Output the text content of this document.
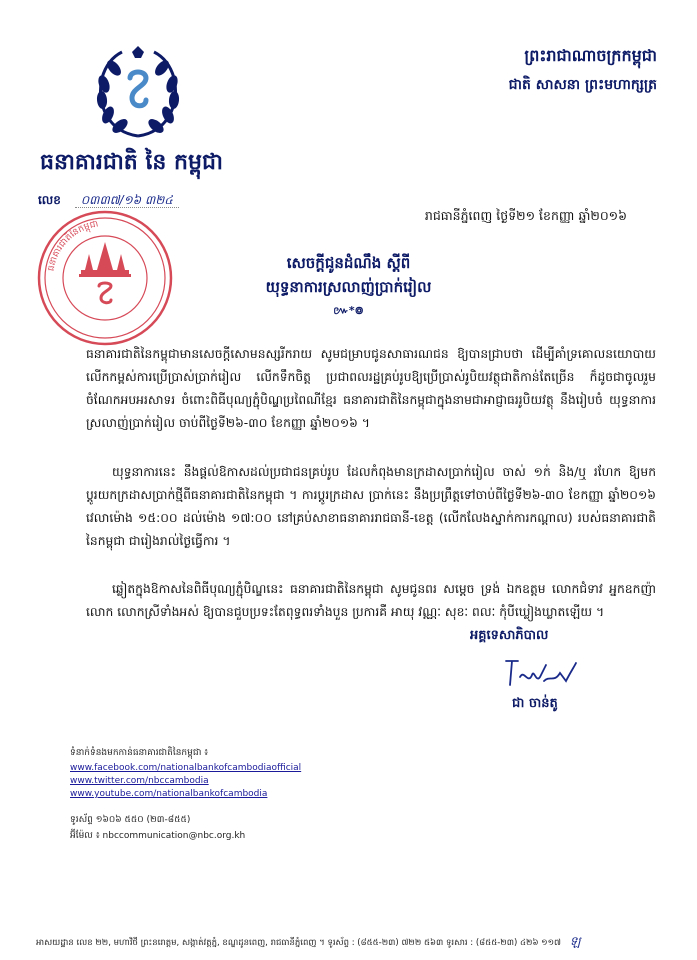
ធនាគារជាតិ នៃ កម្ពុជា
ព្រះរាជាណាចក្រកម្ពុជា
ជាតិ សាសនា ព្រះមហាក្សត្រ
លេខ ០៣៣៧/១៦ ៣២៤
រាជធានីភ្នំពេញ ថ្ងៃទី២១ ខែកញ្ញា ឆ្នាំ២០១៦
ធនាគារជាតិនៃកម្ពុជា
សេចក្តីជូនដំណឹង ស្តីពី
យុទ្ធនាការស្រលាញ់ប្រាក់រៀល
៚*៙
ធនាគារជាតិនៃកម្ពុជាមានសេចក្តីសោមនស្សរីករាយ សូមជម្រាបជូនសាធារណជន ឱ្យបានជ្រាបថា ដើម្បីគាំទ្រគោលនយោបាយលើកកម្ពស់ការប្រើប្រាស់ប្រាក់រៀល លើកទឹកចិត្ត ប្រជាពលរដ្ឋគ្រប់រូបឱ្យប្រើប្រាស់រូបិយវត្ថុជាតិកាន់តែច្រើន ក៏ដូចជាចូលរួមចំណែកអបអរសាទរ ចំពោះពិធីបុណ្យភ្ជុំបិណ្ឌប្រពៃណីខ្មែរ ធនាគារជាតិនៃកម្ពុជាក្នុងនាមជាអាជ្ញាធររូបិយវត្ថុ នឹងរៀបចំ យុទ្ធនាការស្រលាញ់ប្រាក់រៀល ចាប់ពីថ្ងៃទី២៦-៣០ ខែកញ្ញា ឆ្នាំ២០១៦ ។
យុទ្ធនាការនេះ នឹងផ្តល់ឱកាសដល់ប្រជាជនគ្រប់រូប ដែលកំពុងមានក្រដាសប្រាក់រៀល ចាស់ ១ក់ និង/ឬ រហែក ឱ្យមកប្តូរយកក្រដាសប្រាក់ថ្មីពីធនាគារជាតិនៃកម្ពុជា ។ ការប្តូរក្រដាស ប្រាក់នេះ នឹងប្រព្រឹត្តទៅចាប់ពីថ្ងៃទី២៦-៣០ ខែកញ្ញា ឆ្នាំ២០១៦ វេលាម៉ោង ១៥:០០ ដល់ម៉ោង ១៧:០០ នៅគ្រប់សាខាធនាគាររាជធានី-ខេត្ត (លើកលែងស្នាក់ការកណ្តាល) របស់ធនាគារជាតិនៃកម្ពុជា ជារៀងរាល់ថ្ងៃធ្វើការ ។
ឆ្លៀតក្នុងឱកាសនៃពិធីបុណ្យភ្ជុំបិណ្ឌនេះ ធនាគារជាតិនៃកម្ពុជា សូមជូនពរ សម្តេច ទ្រង់ ឯកឧត្តម លោកជំទាវ អ្នកឧកញ៉ា លោក លោកស្រីទាំងអស់ ឱ្យបានជួបប្រទះតែពុទ្ធពរទាំងបួន ប្រការគឺ អាយុ វណ្ណៈ សុខៈ ពលៈ កុំបីឃ្លៀងឃ្លាតឡើយ ។
អគ្គទេសាភិបាល
ជា ចាន់តូ
ទំនាក់ទំនងមកកាន់ធនាគារជាតិនៃកម្ពុជា ៖
www.facebook.com/nationalbankofcambodiaofficial
www.twitter.com/nbccambodia
www.youtube.com/nationalbankofcambodia
ទូរស័ព្ទ ១៦០៦ ៥៥០ (២៣-៨៥៥)
អ៊ីម៉ែល ៖ nbccommunication@nbc.org.kh
អាសយដ្ឋាន លេខ ២២, មហាវិថី ព្រះនរោត្តម, សង្កាត់វត្តភ្នំ, ខណ្ឌដូនពេញ, រាជធានីភ្នំពេញ ។ ទូរស័ព្ទ : (៨៥៥-២៣) ៧២២ ៥៦៣ ទូរសារ : (៨៥៥-២៣) ៤២៦ ១១៧ ឡ
